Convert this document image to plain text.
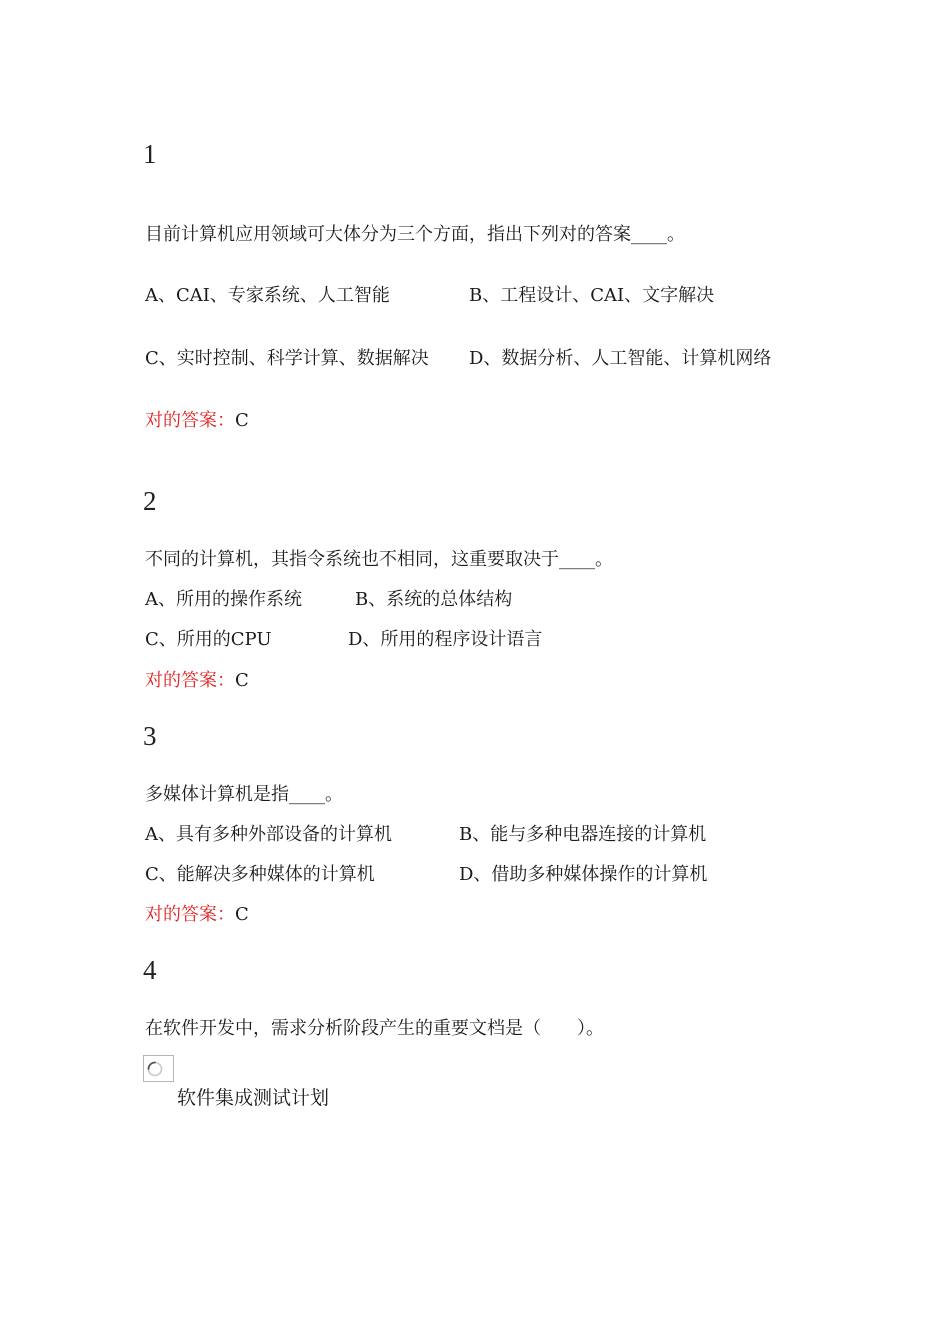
1
目前计算机应用领域可大体分为三个方面，指出下列对的答案____。
A、CAI、专家系统、人工智能	B、工程设计、CAI、文字解决
C、实时控制、科学计算、数据解决 D、数据分析、人工智能、计算机网络
对的答案：C
2
不同的计算机，其指令系统也不相同，这重要取决于____。
A、所用的操作系统	B、系统的总体结构
C、所用的CPU	D、所用的程序设计语言
对的答案：C
3
多媒体计算机是指____。
A、具有多种外部设备的计算机	B、能与多种电器连接的计算机
C、能解决多种媒体的计算机	D、借助多种媒体操作的计算机
对的答案：C
4
在软件开发中，需求分析阶段产生的重要文档是（　　）。
软件集成测试计划
